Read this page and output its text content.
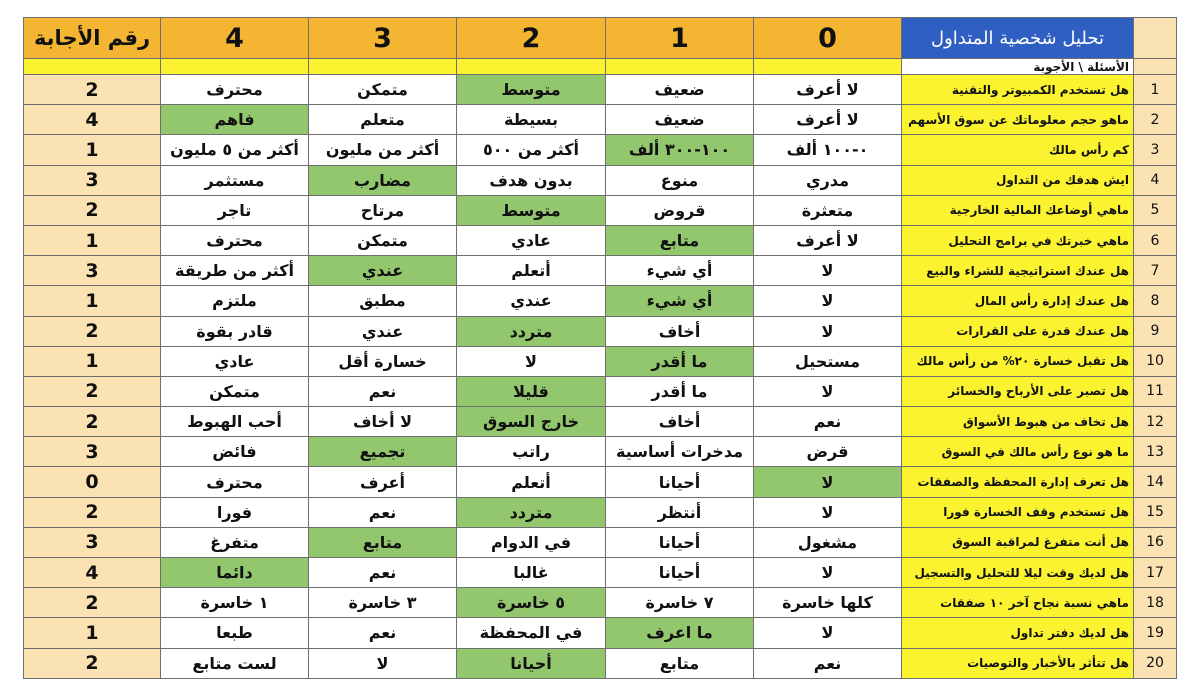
رقم الأجابة	4	3	2	1	0	تحليل شخصية المتداول	
						الأسئلة \ الأجوبة	
2	محترف	متمكن	متوسط	ضعيف	لا أعرف	هل تستخدم الكمبيوتر والتقنية	1
4	فاهم	متعلم	بسيطة	ضعيف	لا أعرف	ماهو حجم معلوماتك عن سوق الأسهم	2
1	أكثر من ٥ مليون	أكثر من مليون	أكثر من ٥٠٠	١٠٠-٣٠٠ ألف	٠-١٠٠ ألف	كم رأس مالك	3
3	مستثمر	مضارب	بدون هدف	منوع	مدري	ايش هدفك من التداول	4
2	تاجر	مرتاح	متوسط	قروض	متعثرة	ماهي أوضاعك المالية الخارجية	5
1	محترف	متمكن	عادي	متابع	لا أعرف	ماهي خبرتك في برامج التحليل	6
3	أكثر من طريقة	عندي	أتعلم	أي شيء	لا	هل عندك استراتيجية للشراء والبيع	7
1	ملتزم	مطبق	عندي	أي شيء	لا	هل عندك إدارة رأس المال	8
2	قادر بقوة	عندي	متردد	أخاف	لا	هل عندك قدرة على القرارات	9
1	عادي	خسارة أقل	لا	ما أقدر	مستحيل	هل تقبل خسارة ٢٠% من رأس مالك	10
2	متمكن	نعم	قليلا	ما أقدر	لا	هل تصبر على الأرباح والخسائر	11
2	أحب الهبوط	لا أخاف	خارج السوق	أخاف	نعم	هل تخاف من هبوط الأسواق	12
3	فائض	تجميع	راتب	مدخرات أساسية	قرض	ما هو نوع رأس مالك في السوق	13
0	محترف	أعرف	أتعلم	أحيانا	لا	هل تعرف إدارة المحفظة والصفقات	14
2	فورا	نعم	متردد	أنتظر	لا	هل تستخدم وقف الخسارة فورا	15
3	متفرغ	متابع	في الدوام	أحيانا	مشغول	هل أنت متفرغ لمراقبة السوق	16
4	دائما	نعم	غالبا	أحيانا	لا	هل لديك وقت ليلا للتحليل والتسجيل	17
2	١ خاسرة	٣ خاسرة	٥ خاسرة	٧ خاسرة	كلها خاسرة	ماهي نسبة نجاح آخر ١٠ صفقات	18
1	طبعا	نعم	في المحفظة	ما اعرف	لا	هل لديك دفتر تداول	19
2	لست متابع	لا	أحيانا	متابع	نعم	هل تتأثر بالأخبار والتوصيات	20
